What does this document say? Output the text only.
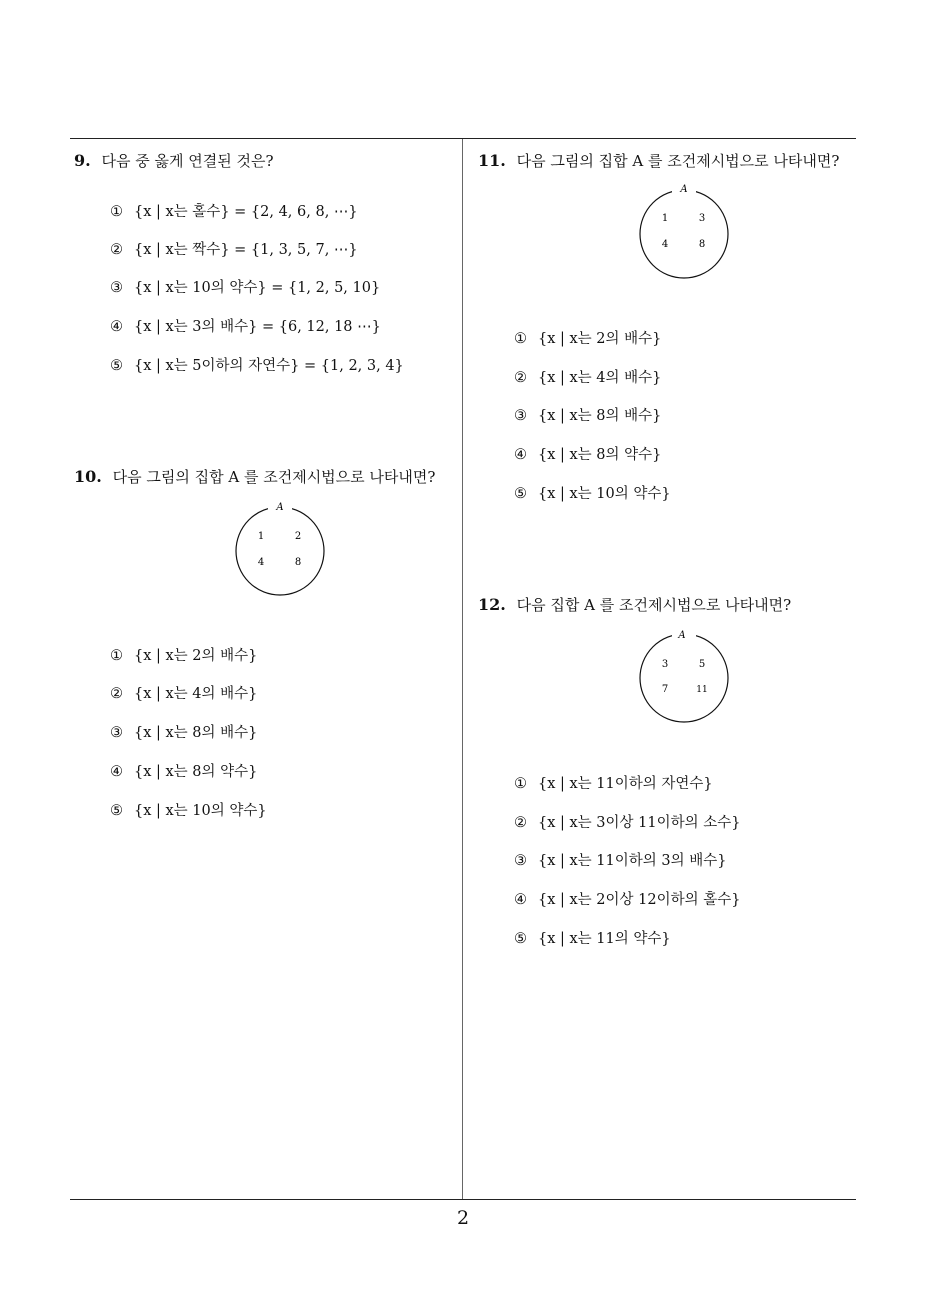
9. 다음 중 옳게 연결된 것은?
① {x | x는 홀수} = {2, 4, 6, 8, ⋯}
② {x | x는 짝수} = {1, 3, 5, 7, ⋯}
③ {x | x는 10의 약수} = {1, 2, 5, 10}
④ {x | x는 3의 배수} = {6, 12, 18 ⋯}
⑤ {x | x는 5이하의 자연수} = {1, 2, 3, 4}
10. 다음 그림의 집합 A 를 조건제시법으로 나타내면?
A
1	2
4	8
① {x | x는 2의 배수}
② {x | x는 4의 배수}
③ {x | x는 8의 배수}
④ {x | x는 8의 약수}
⑤ {x | x는 10의 약수}
11. 다음 그림의 집합 A 를 조건제시법으로 나타내면?
A
1	3
4	8
① {x | x는 2의 배수}
② {x | x는 4의 배수}
③ {x | x는 8의 배수}
④ {x | x는 8의 약수}
⑤ {x | x는 10의 약수}
12. 다음 집합 A 를 조건제시법으로 나타내면?
A
3	5
7	11
① {x | x는 11이하의 자연수}
② {x | x는 3이상 11이하의 소수}
③ {x | x는 11이하의 3의 배수}
④ {x | x는 2이상 12이하의 홀수}
⑤ {x | x는 11의 약수}
2
